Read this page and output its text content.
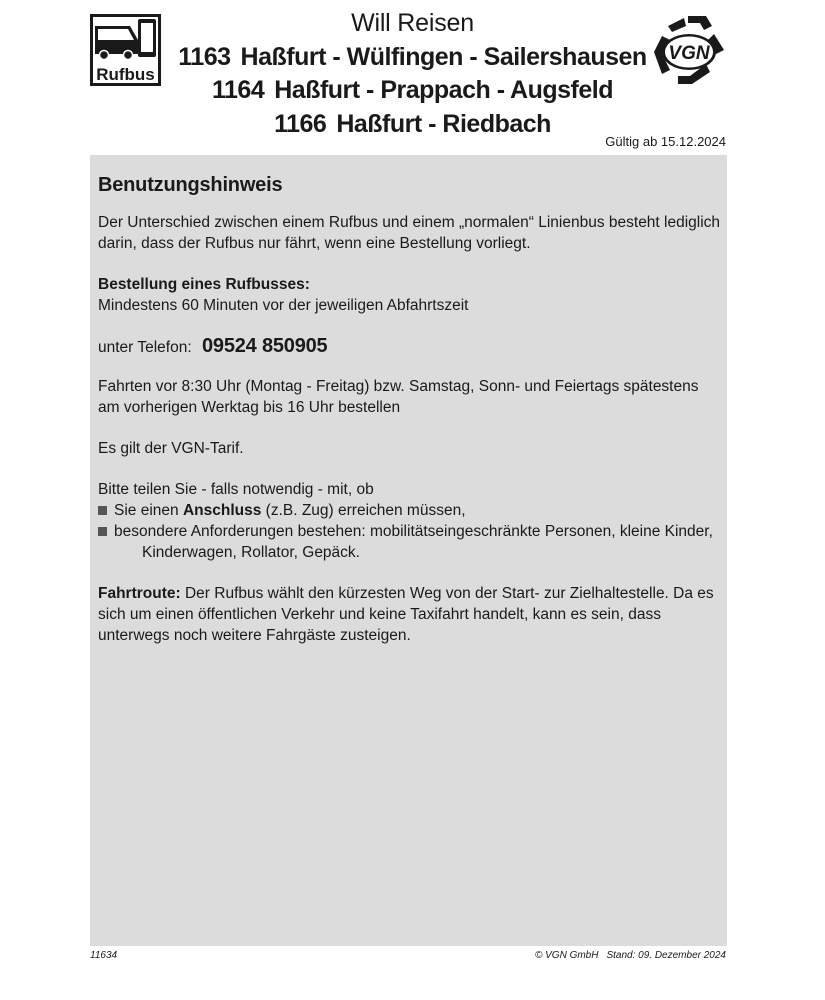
Rufbus
VGN
Will Reisen
1163 Haßfurt - Wülfingen - Sailershausen
1164 Haßfurt - Prappach - Augsfeld
1166 Haßfurt - Riedbach
Gültig ab 15.12.2024
Benutzungshinweis
Der Unterschied zwischen einem Rufbus und einem „normalen“ Linienbus besteht lediglich darin, dass der Rufbus nur fährt, wenn eine Bestellung vorliegt.
Bestellung eines Rufbusses:
Mindestens 60 Minuten vor der jeweiligen Abfahrtszeit
unter Telefon: 09524 850905
Fahrten vor 8:30 Uhr (Montag - Freitag) bzw. Samstag, Sonn- und Feiertags spätestens am vorherigen Werktag bis 16 Uhr bestellen
Es gilt der VGN-Tarif.
Bitte teilen Sie - falls notwendig - mit, ob
Sie einen Anschluss (z.B. Zug) erreichen müssen,
besondere Anforderungen bestehen: mobilitätseingeschränkte Personen, kleine Kinder,
Kinderwagen, Rollator, Gepäck.
Fahrtroute: Der Rufbus wählt den kürzesten Weg von der Start- zur Zielhaltestelle. Da es sich um einen öffentlichen Verkehr und keine Taxifahrt handelt, kann es sein, dass unterwegs noch weitere Fahrgäste zusteigen.
11634	© VGN GmbH Stand: 09. Dezember 2024
